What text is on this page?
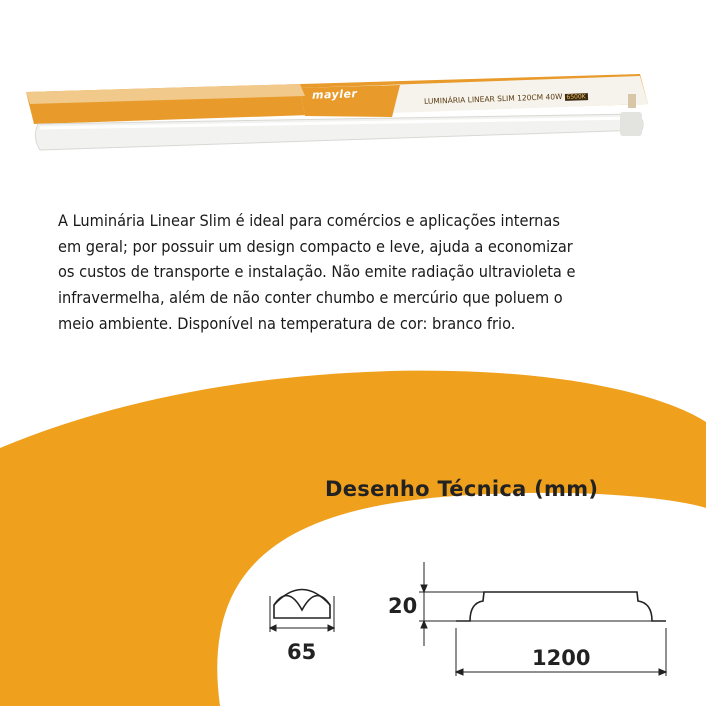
mayler	LUMINÁRIA LINEAR SLIM 120CM 40W 6500K

A Luminária Linear Slim é ideal para comércios e aplicações internas

em geral; por possuir um design compacto e leve, ajuda a economizar

os custos de transporte e instalação. Não emite radiação ultravioleta e

infravermelha, além de não conter chumbo e mercúrio que poluem o

meio ambiente. Disponível na temperatura de cor: branco frio.

Desenho Técnica (mm)
65
20
1200
